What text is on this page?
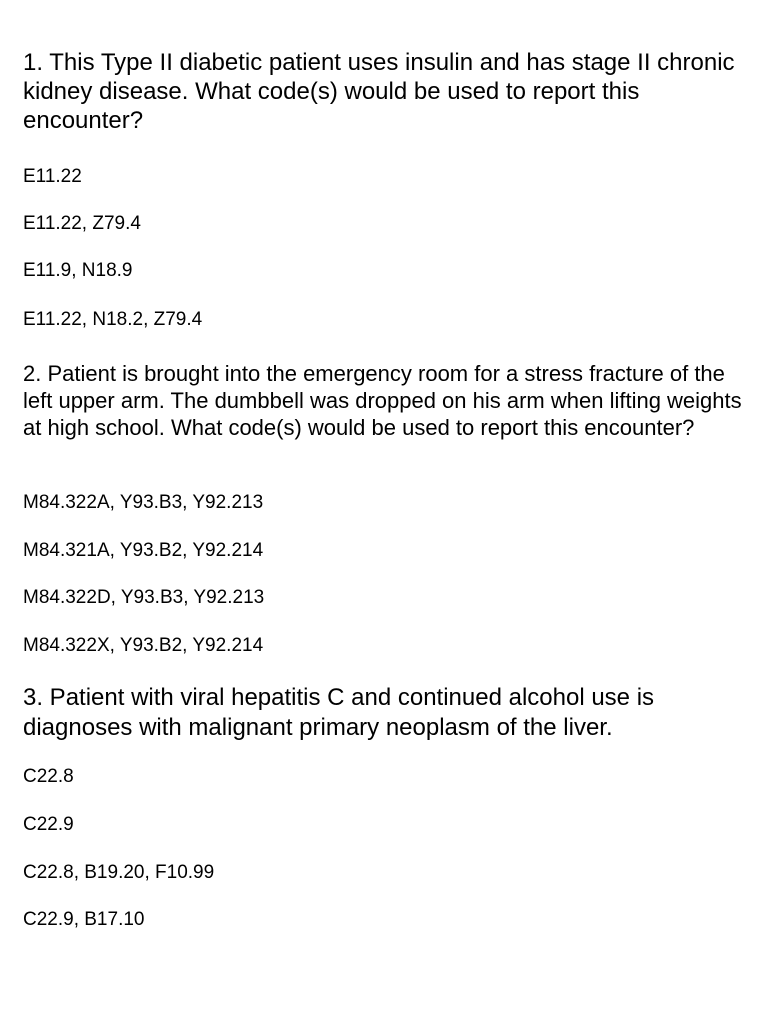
1. This Type II diabetic patient uses insulin and has stage II chronic kidney disease. What code(s) would be used to report this encounter?

E11.22

E11.22, Z79.4

E11.9, N18.9

E11.22, N18.2, Z79.4

2. Patient is brought into the emergency room for a stress fracture of the left upper arm. The dumbbell was dropped on his arm when lifting weights at high school. What code(s) would be used to report this encounter?

M84.322A, Y93.B3, Y92.213

M84.321A, Y93.B2, Y92.214

M84.322D, Y93.B3, Y92.213

M84.322X, Y93.B2, Y92.214

3. Patient with viral hepatitis C and continued alcohol use is diagnoses with malignant primary neoplasm of the liver.

C22.8

C22.9

C22.8, B19.20, F10.99

C22.9, B17.10
